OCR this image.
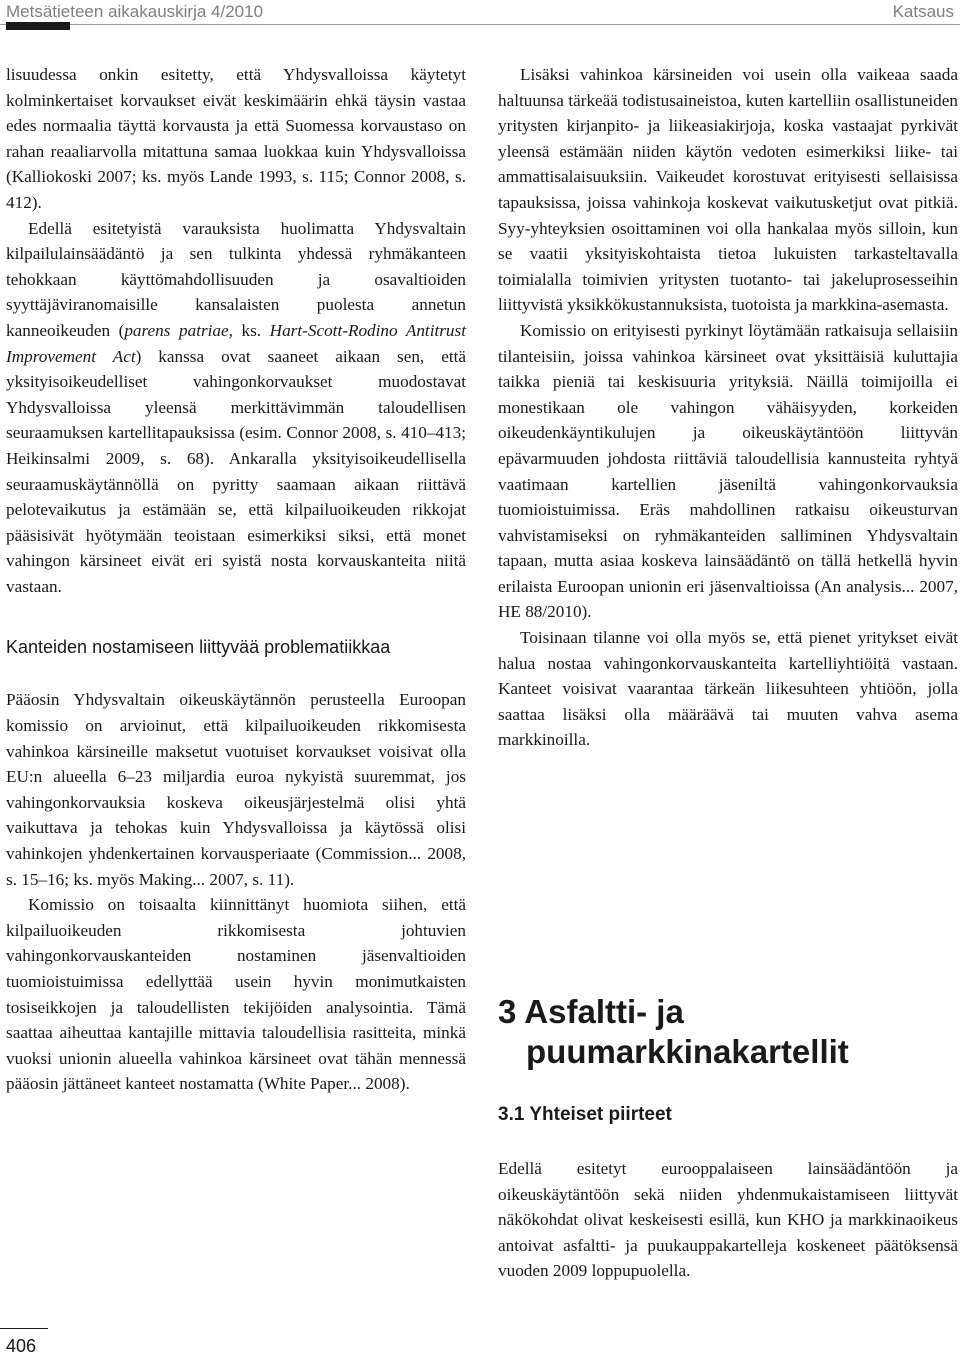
Metsätieteen aikakauskirja 4/2010	Katsaus

lisuudessa onkin esitetty, että Yhdysvalloissa käytetyt kolminkertaiset korvaukset eivät keskimäärin ehkä täysin vastaa edes normaalia täyttä korvausta ja että Suomessa korvaustaso on rahan reaaliarvolla mitattuna samaa luokkaa kuin Yhdysvalloissa (Kalliokoski 2007; ks. myös Lande 1993, s. 115; Connor 2008, s. 412).

Edellä esitetyistä varauksista huolimatta Yhdysvaltain kilpailulainsäädäntö ja sen tulkinta yhdessä ryhmäkanteen tehokkaan käyttömahdollisuuden ja osavaltioiden syyttäjäviranomaisille kansalaisten puolesta annetun kanneoikeuden (parens patriae, ks. Hart-Scott-Rodino Antitrust Improvement Act) kanssa ovat saaneet aikaan sen, että yksityisoikeudelliset vahingonkorvaukset muodostavat Yhdysvalloissa yleensä merkittävimmän taloudellisen seuraamuksen kartellitapauksissa (esim. Connor 2008, s. 410–413; Heikinsalmi 2009, s. 68). Ankaralla yksityisoikeudellisella seuraamuskäytännöllä on pyritty saamaan aikaan riittävä pelotevaikutus ja estämään se, että kilpailuoikeuden rikkojat pääsisivät hyötymään teoistaan esimerkiksi siksi, että monet vahingon kärsineet eivät eri syistä nosta korvauskanteita niitä vastaan.

Kanteiden nostamiseen liittyvää problematiikkaa

Pääosin Yhdysvaltain oikeuskäytännön perusteella Euroopan komissio on arvioinut, että kilpailuoikeuden rikkomisesta vahinkoa kärsineille maksetut vuotuiset korvaukset voisivat olla EU:n alueella 6–23 miljardia euroa nykyistä suuremmat, jos vahingonkorvauksia koskeva oikeusjärjestelmä olisi yhtä vaikuttava ja tehokas kuin Yhdysvalloissa ja käytössä olisi vahinkojen yhdenkertainen korvausperiaate (Commission... 2008, s. 15–16; ks. myös Making... 2007, s. 11).

Komissio on toisaalta kiinnittänyt huomiota siihen, että kilpailuoikeuden rikkomisesta johtuvien vahingonkorvauskanteiden nostaminen jäsenvaltioiden tuomioistuimissa edellyttää usein hyvin monimutkaisten tosiseikkojen ja taloudellisten tekijöiden analysointia. Tämä saattaa aiheuttaa kantajille mittavia taloudellisia rasitteita, minkä vuoksi unionin alueella vahinkoa kärsineet ovat tähän mennessä pääosin jättäneet kanteet nostamatta (White Paper... 2008).

Lisäksi vahinkoa kärsineiden voi usein olla vaikeaa saada haltuunsa tärkeää todistusaineistoa, kuten kartelliin osallistuneiden yritysten kirjanpito- ja liikeasiakirjoja, koska vastaajat pyrkivät yleensä estämään niiden käytön vedoten esimerkiksi liike- tai ammattisalaisuuksiin. Vaikeudet korostuvat erityisesti sellaisissa tapauksissa, joissa vahinkoja koskevat vaikutusketjut ovat pitkiä. Syy-yhteyksien osoittaminen voi olla hankalaa myös silloin, kun se vaatii yksityiskohtaista tietoa lukuisten tarkasteltavalla toimialalla toimivien yritysten tuotanto- tai jakeluprosesseihin liittyvistä yksikkökustannuksista, tuotoista ja markkina-asemasta.

Komissio on erityisesti pyrkinyt löytämään ratkaisuja sellaisiin tilanteisiin, joissa vahinkoa kärsineet ovat yksittäisiä kuluttajia taikka pieniä tai keskisuuria yrityksiä. Näillä toimijoilla ei monestikaan ole vahingon vähäisyyden, korkeiden oikeudenkäyntikulujen ja oikeuskäytäntöön liittyvän epävarmuuden johdosta riittäviä taloudellisia kannusteita ryhtyä vaatimaan kartellien jäseniltä vahingonkorvauksia tuomioistuimissa. Eräs mahdollinen ratkaisu oikeusturvan vahvistamiseksi on ryhmäkanteiden salliminen Yhdysvaltain tapaan, mutta asiaa koskeva lainsäädäntö on tällä hetkellä hyvin erilaista Euroopan unionin eri jäsenvaltioissa (An analysis... 2007, HE 88/2010).

Toisinaan tilanne voi olla myös se, että pienet yritykset eivät halua nostaa vahingonkorvauskanteita kartelliyhtiöitä vastaan. Kanteet voisivat vaarantaa tärkeän liikesuhteen yhtiöön, jolla saattaa lisäksi olla määräävä tai muuten vahva asema markkinoilla.

3 Asfaltti- ja puumarkkinakartellit
3.1 Yhteiset piirteet

Edellä esitetyt eurooppalaiseen lainsäädäntöön ja oikeuskäytäntöön sekä niiden yhdenmukaistamiseen liittyvät näkökohdat olivat keskeisesti esillä, kun KHO ja markkinaoikeus antoivat asfaltti- ja puukauppakartelleja koskeneet päätöksensä vuoden 2009 loppupuolella.

406
